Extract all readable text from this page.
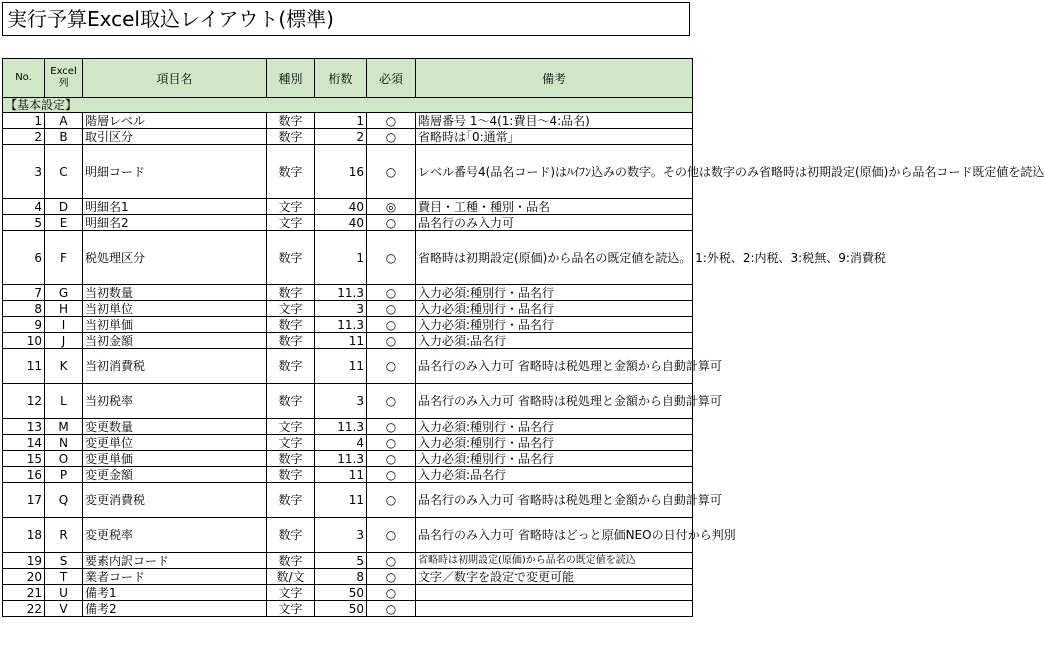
実行予算Excel取込レイアウト(標準)
No.	Excel 列	項目名	種別	桁数	必須	備考
【基本設定】						
1	A	階層レベル	数字	1	○	階層番号 1～4(1:費目～4:品名)
2	B	取引区分	数字	2	○	省略時は｢0:通常｣
3	C	明細コード	数字	16	○	レベル番号4(品名コード)はﾊｲﾌﾝ込みの数字。その他は数字のみ省略時は初期設定(原価)から品名コード既定値を読込
4	D	明細名1	文字	40	◎	費目・工種・種別・品名
5	E	明細名2	文字	40	○	品名行のみ入力可
6	F	税処理区分	数字	1	○	省略時は初期設定(原価)から品名の既定値を読込。 1:外税、2:内税、3:税無、9:消費税
7	G	当初数量	数字	11.3	○	入力必須:種別行・品名行
8	H	当初単位	文字	3	○	入力必須:種別行・品名行
9	I	当初単価	数字	11.3	○	入力必須:種別行・品名行
10	J	当初金額	数字	11	○	入力必須:品名行
11	K	当初消費税	数字	11	○	品名行のみ入力可 省略時は税処理と金額から自動計算可
12	L	当初税率	数字	3	○	品名行のみ入力可 省略時は税処理と金額から自動計算可
13	M	変更数量	文字	11.3	○	入力必須:種別行・品名行
14	N	変更単位	文字	4	○	入力必須:種別行・品名行
15	O	変更単価	数字	11.3	○	入力必須:種別行・品名行
16	P	変更金額	数字	11	○	入力必須:品名行
17	Q	変更消費税	数字	11	○	品名行のみ入力可 省略時は税処理と金額から自動計算可
18	R	変更税率	数字	3	○	品名行のみ入力可 省略時はどっと原価NEOの日付から判別
19	S	要素内訳コード	数字	5	○	省略時は初期設定(原価)から品名の既定値を読込
20	T	業者コード	数/文	8	○	文字／数字を設定で変更可能
21	U	備考1	文字	50	○	
22	V	備考2	文字	50	○	
